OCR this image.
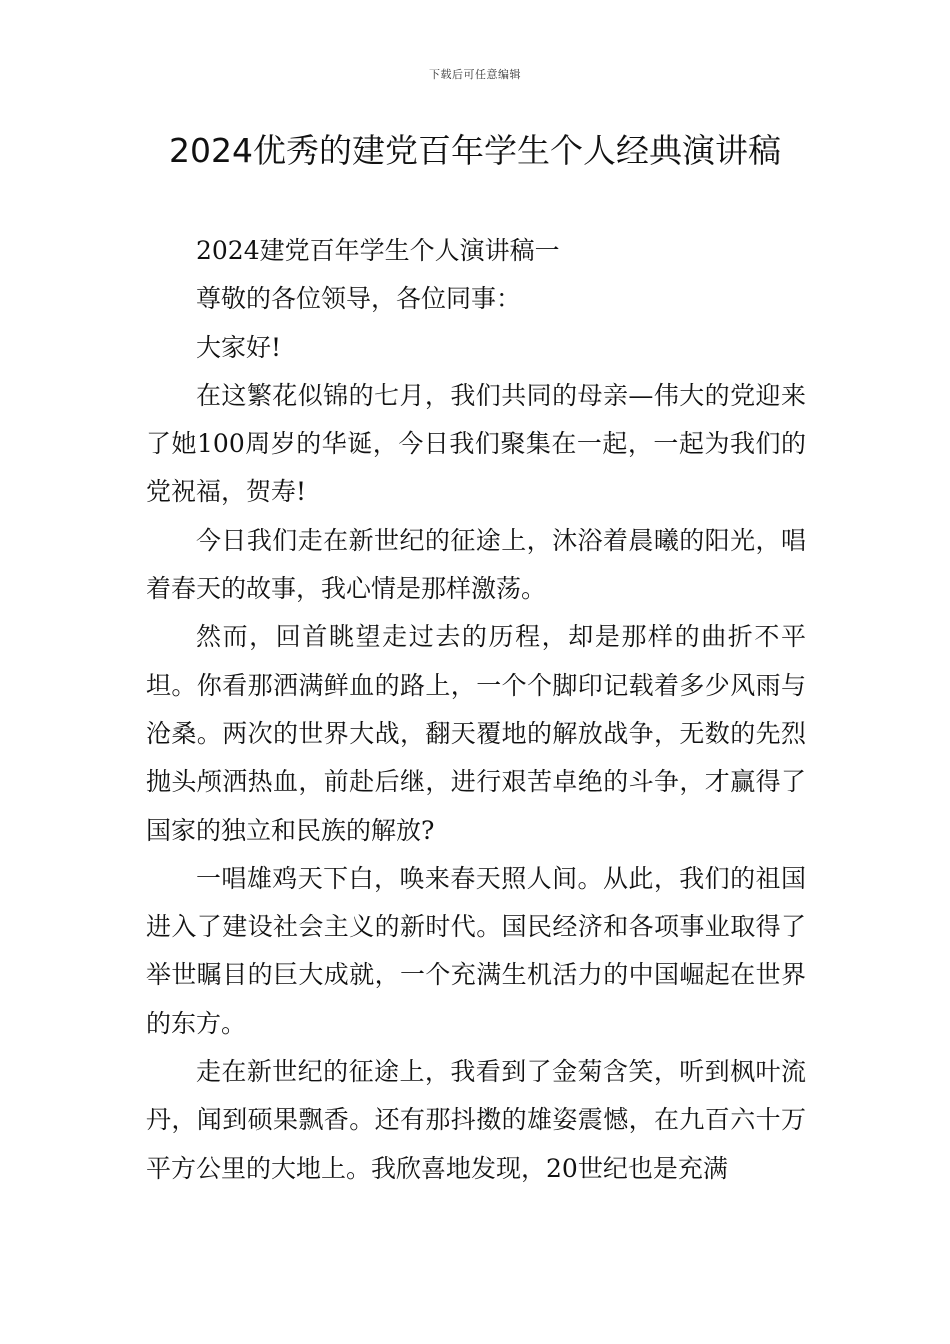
下载后可任意编辑
2024优秀的建党百年学生个人经典演讲稿

2024建党百年学生个人演讲稿一

尊敬的各位领导，各位同事：

大家好!

在这繁花似锦的七月，我们共同的母亲—伟大的党迎来了她100周岁的华诞，今日我们聚集在一起，一起为我们的党祝福，贺寿!

今日我们走在新世纪的征途上，沐浴着晨曦的阳光，唱着春天的故事，我心情是那样激荡。

然而，回首眺望走过去的历程，却是那样的曲折不平坦。你看那洒满鲜血的路上，一个个脚印记载着多少风雨与沧桑。两次的世界大战，翻天覆地的解放战争，无数的先烈抛头颅洒热血，前赴后继，进行艰苦卓绝的斗争，才赢得了国家的独立和民族的解放?

一唱雄鸡天下白，唤来春天照人间。从此，我们的祖国进入了建设社会主义的新时代。国民经济和各项事业取得了举世瞩目的巨大成就，一个充满生机活力的中国崛起在世界的东方。

走在新世纪的征途上，我看到了金菊含笑，听到枫叶流丹，闻到硕果飘香。还有那抖擞的雄姿震憾，在九百六十万平方公里的大地上。我欣喜地发现，20世纪也是充满
